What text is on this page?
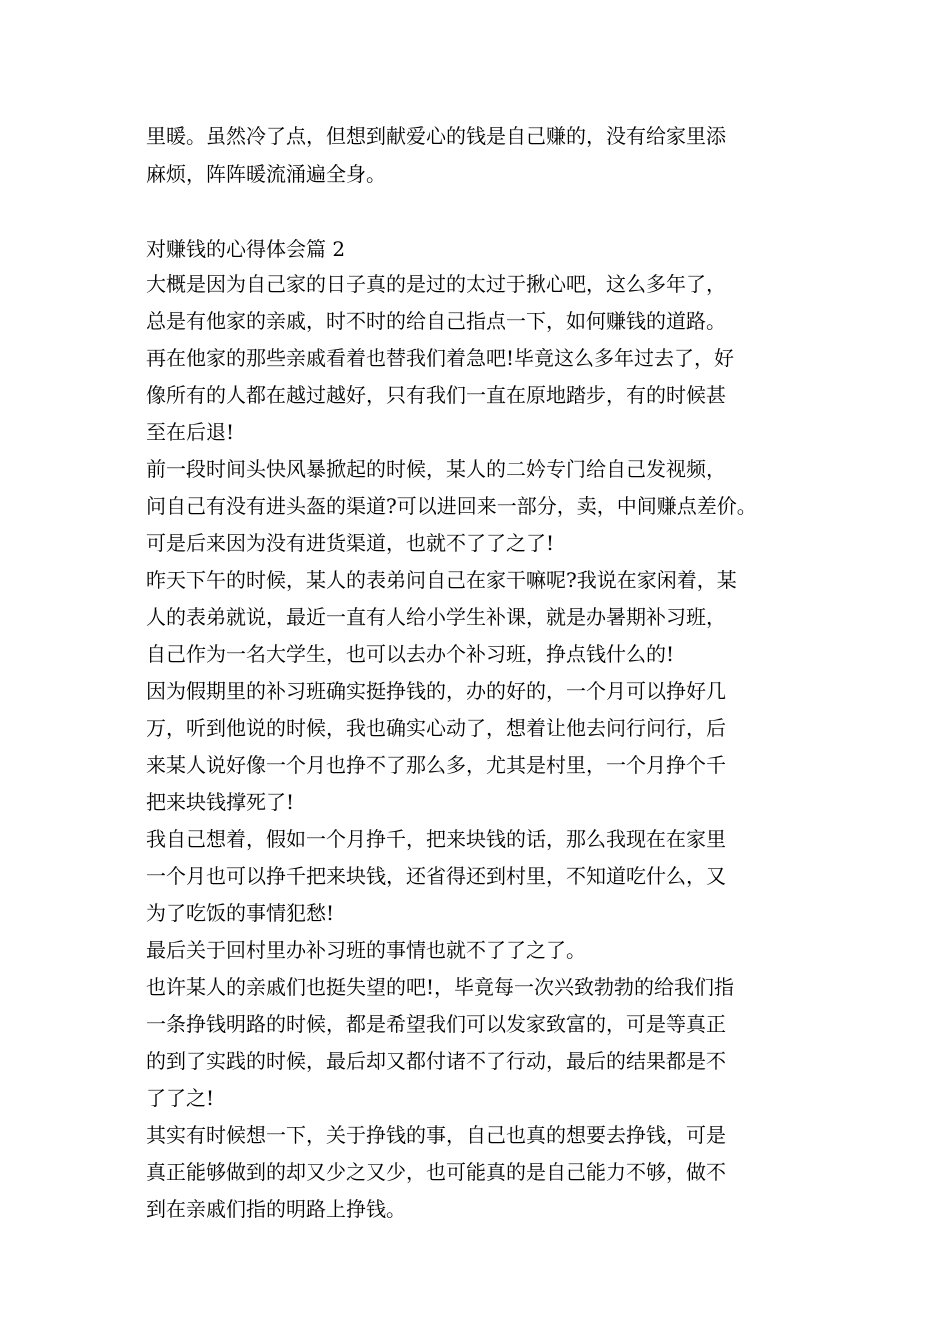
里暖。虽然冷了点，但想到献爱心的钱是自己赚的，没有给家里添

麻烦，阵阵暖流涌遍全身。

对赚钱的心得体会篇 2

大概是因为自己家的日子真的是过的太过于揪心吧，这么多年了，

总是有他家的亲戚，时不时的给自己指点一下，如何赚钱的道路。

再在他家的那些亲戚看着也替我们着急吧!毕竟这么多年过去了，好

像所有的人都在越过越好，只有我们一直在原地踏步，有的时候甚

至在后退!

前一段时间头快风暴掀起的时候，某人的二妗专门给自己发视频，

问自己有没有进头盔的渠道?可以进回来一部分，卖，中间赚点差价。

可是后来因为没有进货渠道，也就不了了之了!

昨天下午的时候，某人的表弟问自己在家干嘛呢?我说在家闲着，某

人的表弟就说，最近一直有人给小学生补课，就是办暑期补习班，

自己作为一名大学生，也可以去办个补习班，挣点钱什么的!

因为假期里的补习班确实挺挣钱的，办的好的，一个月可以挣好几

万，听到他说的时候，我也确实心动了，想着让他去问行问行，后

来某人说好像一个月也挣不了那么多，尤其是村里，一个月挣个千

把来块钱撑死了!

我自己想着，假如一个月挣千，把来块钱的话，那么我现在在家里

一个月也可以挣千把来块钱，还省得还到村里，不知道吃什么，又

为了吃饭的事情犯愁!

最后关于回村里办补习班的事情也就不了了之了。

也许某人的亲戚们也挺失望的吧!，毕竟每一次兴致勃勃的给我们指

一条挣钱明路的时候，都是希望我们可以发家致富的，可是等真正

的到了实践的时候，最后却又都付诸不了行动，最后的结果都是不

了了之!

其实有时候想一下，关于挣钱的事，自己也真的想要去挣钱，可是

真正能够做到的却又少之又少，也可能真的是自己能力不够，做不

到在亲戚们指的明路上挣钱。
